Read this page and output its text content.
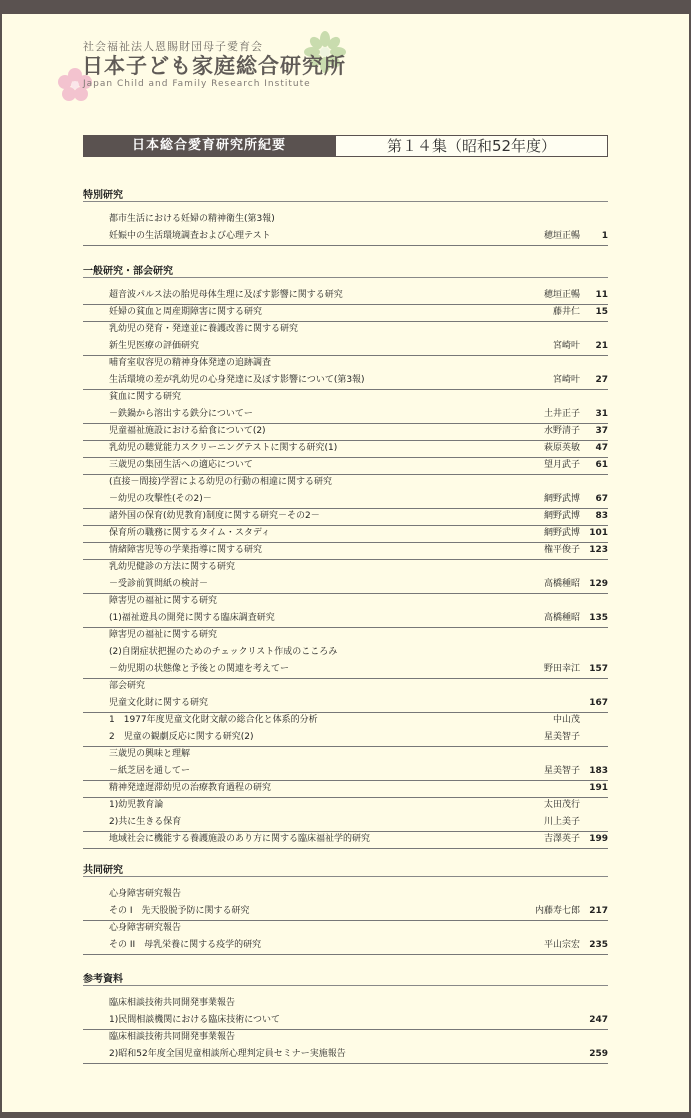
社会福祉法人恩賜財団母子愛育会
日本子ども家庭総合研究所
Japan Child and Family Research Institute
日本総合愛育研究所紀要	第１４集（昭和52年度）
特別研究
都市生活における妊婦の精神衛生(第3報)
妊娠中の生活環境調査および心理テスト	穂垣正暢 1
一般研究・部会研究
超音波パルス法の胎児母体生理に及ぼす影響に関する研究	穂垣正暢 11
妊婦の貧血と周産期障害に関する研究	藤井仁 15
乳幼児の発育・発達並に養護改善に関する研究
新生児医療の評価研究	宮崎叶 21
哺育室収容児の精神身体発達の追跡調査
生活環境の差が乳幼児の心身発達に及ぼす影響について(第3報)	宮崎叶 27
貧血に関する研究
－鉄鍋から溶出する鉄分についてー	土井正子 31
児童福祉施設における給食について(2)	水野清子 37
乳幼児の聴覚能力スクリーニングテストに関する研究(1)	萩原英敏 47
三歳児の集団生活への適応について	望月武子 61
(直接－間接)学習による幼児の行動の相違に関する研究
－幼児の攻撃性(その2)－	網野武博 67
諸外国の保育(幼児教育)制度に関する研究－その2－	網野武博 83
保育所の職務に関するタイム・スタディ	網野武博 101
情緒障害児等の学業指導に関する研究	権平俊子 123
乳幼児健診の方法に関する研究
－受診前質問紙の検討－	高橋種昭 129
障害児の福祉に関する研究
(1)福祉遊具の開発に関する臨床調査研究	高橋種昭 135
障害児の福祉に関する研究
(2)自閉症状把握のためのチェックリスト作成のこころみ
－幼児期の状態像と予後との関連を考えてー	野田幸江 157
部会研究
児童文化財に関する研究	167
1　1977年度児童文化財文献の総合化と体系的分析	中山茂
2　児童の観劇反応に関する研究(2)	星美智子
三歳児の興味と理解
－紙芝居を通してー	星美智子 183
精神発達遅滞幼児の治療教育過程の研究	191
1)幼児教育論	太田茂行
2)共に生きる保育	川上美子
地域社会に機能する養護施設のあり方に関する臨床福祉学的研究	吉澤英子 199
共同研究
心身障害研究報告
その I　先天股脱予防に関する研究	内藤寿七郎 217
心身障害研究報告
その II　母乳栄養に関する疫学的研究	平山宗宏 235
参考資料
臨床相談技術共同開発事業報告
1)民間相談機関における臨床技術について	247
臨床相談技術共同開発事業報告
2)昭和52年度全国児童相談所心理判定員セミナー実施報告	259
